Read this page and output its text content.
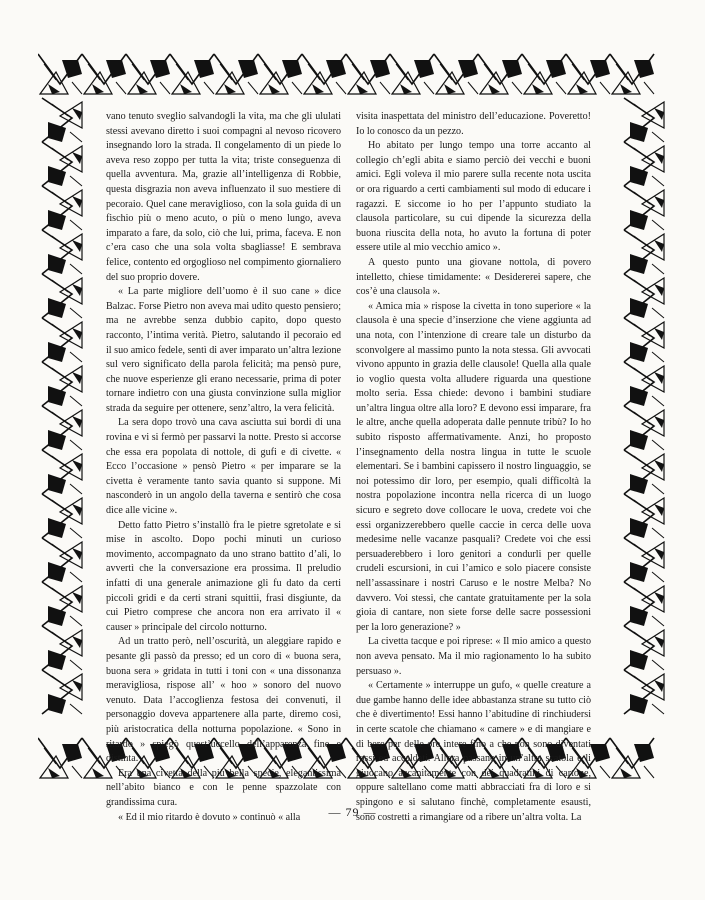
vano tenuto sveglio salvandogli la vita, ma che gli ululati stessi avevano diretto i suoi compagni al nevoso ricovero insegnando loro la strada. Il congelamento di un piede lo aveva reso zoppo per tutta la vita; triste conseguenza di quella avventura. Ma, grazie all’intelligenza di Robbie, questa disgrazia non aveva influenzato il suo mestiere di pecoraio. Quel cane meraviglioso, con la sola guida di un fischio più o meno acuto, o più o meno lungo, aveva imparato a fare, da solo, ciò che lui, prima, faceva. E non c’era caso che una sola volta sbagliasse! E sembrava felice, contento ed orgoglioso nel compimento giornaliero del suo proprio dovere.

« La parte migliore dell’uomo è il suo cane » dice Balzac. Forse Pietro non aveva mai udito questo pensiero; ma ne avrebbe senza dubbio capito, dopo questo racconto, l’intima verità. Pietro, salutando il pecoraio ed il suo amico fedele, sentì di aver imparato un’altra lezione sul vero significato della parola felicità; ma pensò pure, che nuove esperienze gli erano necessarie, prima di poter tornare indietro con una giusta convinzione sulla miglior strada da seguire per ottenere, senz’altro, la vera felicità.

La sera dopo trovò una cava asciutta sui bordi di una rovina e vi si fermò per passarvi la notte. Presto si accorse che essa era popolata di nottole, di gufi e di civette. « Ecco l’occasione » pensò Pietro « per imparare se la civetta è veramente tanto savia quanto si suppone. Mi nasconderò in un angolo della taverna e sentirò che cosa dice alle vicine ».

Detto fatto Pietro s’installò fra le pietre sgretolate e si mise in ascolto. Dopo pochi minuti un curioso movimento, accompagnato da uno strano battito d’ali, lo avvertì che la conversazione era prossima. Il preludio infatti di una generale animazione gli fu dato da certi piccoli gridi e da certi strani squittii, frasi disgiunte, da cui Pietro comprese che ancora non era arrivato il « causer » principale del circolo notturno.

Ad un tratto però, nell’oscurità, un aleggiare rapido e pesante gli passò da presso; ed un coro di « buona sera, buona sera » gridata in tutti i toni con « una dissonanza meravigliosa, rispose all’ « hoo » sonoro del nuovo venuto. Data l’accoglienza festosa dei convenuti, il personaggio doveva appartenere alla parte, diremo così, più aristocratica della notturna popolazione. « Sono in ritardo » spiegò quest’uccello dell’apparenza fine e distinta.

Era una civetta della più bella specie, elegantissima nell’abito bianco e con le penne spazzolate con grandissima cura.

« Ed il mio ritardo è dovuto » continuò « alla

visita inaspettata del ministro dell’educazione. Poveretto! Io lo conosco da un pezzo.

Ho abitato per lungo tempo una torre accanto al collegio ch’egli abita e siamo perciò dei vecchi e buoni amici. Egli voleva il mio parere sulla recente nota uscita or ora riguardo a certi cambiamenti sul modo di educare i ragazzi. E siccome io ho per l’appunto studiato la clausola particolare, su cui dipende la sicurezza della buona riuscita della nota, ho avuto la fortuna di poter essere utile al mio vecchio amico ».

A questo punto una giovane nottola, di povero intelletto, chiese timidamente: « Desidererei sapere, che cos’è una clausola ».

« Amica mia » rispose la civetta in tono superiore « la clausola è una specie d’inserzione che viene aggiunta ad una nota, con l’intenzione di creare tale un disturbo da sconvolgere al massimo punto la nota stessa. Gli avvocati vivono appunto in grazia delle clausole! Quella alla quale io voglio questa volta alludere riguarda una questione molto seria. Essa chiede: devono i bambini studiare un’altra lingua oltre alla loro? E devono essi imparare, fra le altre, anche quella adoperata dalle pennute tribù? Io ho subito risposto affermativamente. Anzi, ho proposto l’insegnamento della nostra lingua in tutte le scuole elementari. Se i bambini capissero il nostro linguaggio, se noi potessimo dir loro, per esempio, quali difficoltà la nostra popolazione incontra nella ricerca di un luogo sicuro e segreto dove collocare le uova, credete voi che essi organizzerebbero quelle caccie in cerca delle uova medesime nelle vacanze pasquali? Credete voi che essi persuaderebbero i loro genitori a condurli per quelle crudeli escursioni, in cui l’amico e solo piacere consiste nell’assassinare i nostri Caruso e le nostre Melba? No davvero. Voi stessi, che cantate gratuitamente per la sola gioia di cantare, non siete forse delle sacre possessioni per la loro generazione? »

La civetta tacque e poi riprese: « Il mio amico a questo non aveva pensato. Ma il mio ragionamento lo ha subito persuaso ».

« Certamente » interruppe un gufo, « quelle creature a due gambe hanno delle idee abbastanza strane su tutto ciò che è divertimento! Essi hanno l’abitudine di rinchiudersi in certe scatole che chiamano « camere » e di mangiare e di bere per delle ore intere fino a che non sono diventati rossi ed accaldati. Allora passano in un’altra scatola e li giuocano accanitamente con dei quadratini di cartone, oppure saltellano come matti abbracciati fra di loro e si spingono e si salutano finchè, completamente esausti, sono costretti a rimangiare od a ribere un’altra volta. La

— 79 —
